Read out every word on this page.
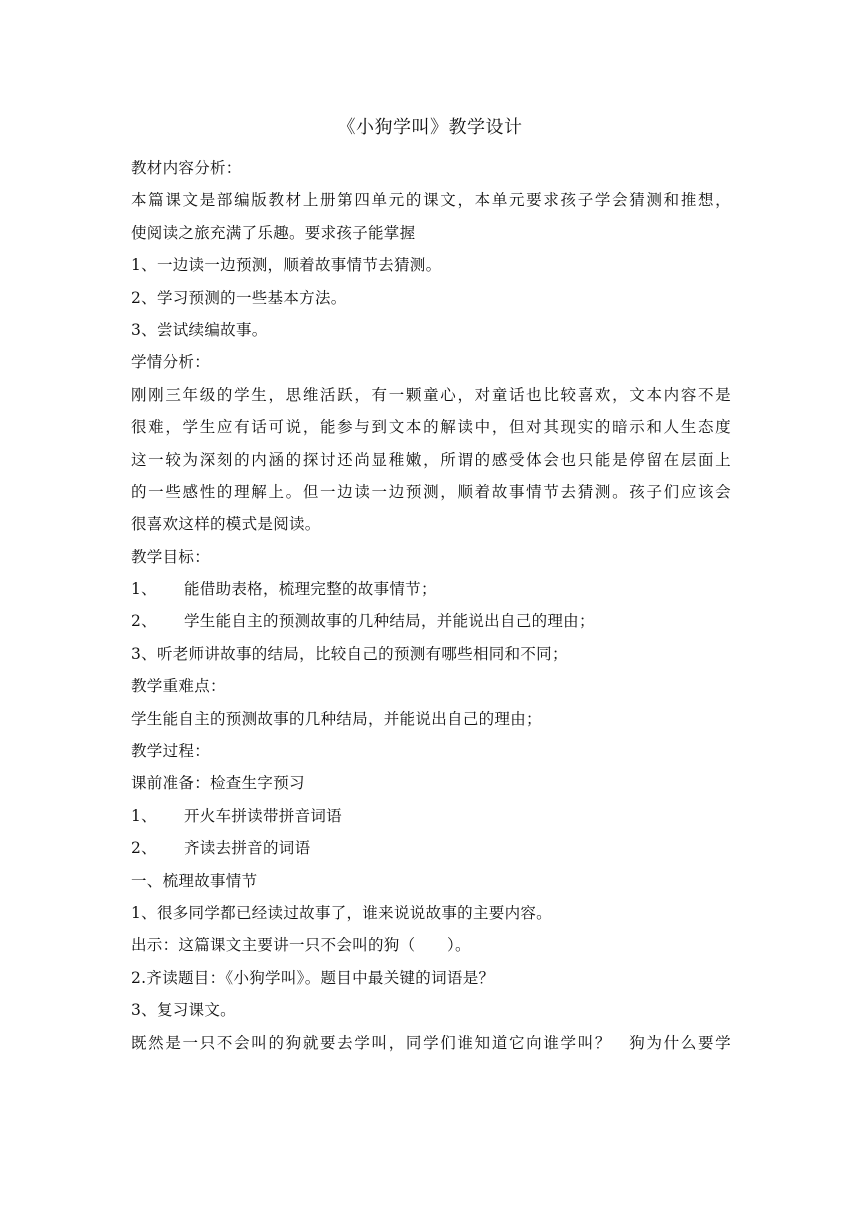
《小狗学叫》教学设计
教材内容分析：
本篇课文是部编版教材上册第四单元的课文，本单元要求孩子学会猜测和推想，
使阅读之旅充满了乐趣。要求孩子能掌握
1、一边读一边预测，顺着故事情节去猜测。
2、学习预测的一些基本方法。
3、尝试续编故事。
学情分析：
刚刚三年级的学生，思维活跃，有一颗童心，对童话也比较喜欢，文本内容不是
很难，学生应有话可说，能参与到文本的解读中，但对其现实的暗示和人生态度
这一较为深刻的内涵的探讨还尚显稚嫩，所谓的感受体会也只能是停留在层面上
的一些感性的理解上。但一边读一边预测，顺着故事情节去猜测。孩子们应该会
很喜欢这样的模式是阅读。
教学目标：
1、 能借助表格，梳理完整的故事情节；
2、 学生能自主的预测故事的几种结局，并能说出自己的理由；
3、听老师讲故事的结局，比较自己的预测有哪些相同和不同；
教学重难点：
学生能自主的预测故事的几种结局，并能说出自己的理由；
教学过程：
课前准备：检查生字预习
1、 开火车拼读带拼音词语
2、 齐读去拼音的词语
一、梳理故事情节
1、很多同学都已经读过故事了，谁来说说故事的主要内容。
出示：这篇课文主要讲一只不会叫的狗（　　）。
2.齐读题目：《小狗学叫》。题目中最关键的词语是？
3、复习课文。
既然是一只不会叫的狗就要去学叫，同学们谁知道它向谁学叫？　狗为什么要学
